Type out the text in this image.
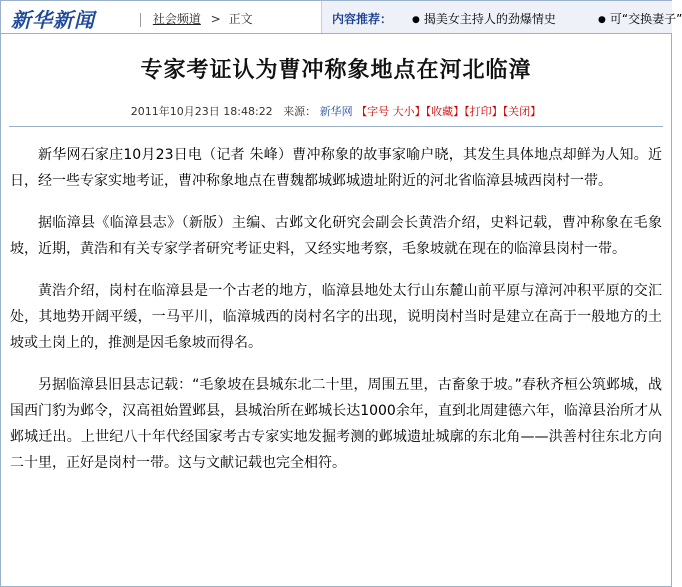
新华新闻	社会频道 > 正文	内容推荐： ● 揭美女主持人的劲爆情史	● 可“交换妻子”
专家考证认为曹冲称象地点在河北临漳
2011年10月23日 18:48:22 来源： 新华网 【字号 大小】【收藏】【打印】【关闭】

新华网石家庄10月23日电（记者 朱峰）曹冲称象的故事家喻户晓，其发生具体地点却鲜为人知。近日，经一些专家实地考证，曹冲称象地点在曹魏都城邺城遗址附近的河北省临漳县城西岗村一带。

据临漳县《临漳县志》（新版）主编、古邺文化研究会副会长黄浩介绍，史料记载，曹冲称象在毛象坡，近期，黄浩和有关专家学者研究考证史料，又经实地考察，毛象坡就在现在的临漳县岗村一带。

黄浩介绍，岗村在临漳县是一个古老的地方，临漳县地处太行山东麓山前平原与漳河冲积平原的交汇处，其地势开阔平缓，一马平川，临漳城西的岗村名字的出现，说明岗村当时是建立在高于一般地方的土坡或土岗上的，推测是因毛象坡而得名。

另据临漳县旧县志记载：“毛象坡在县城东北二十里，周围五里，古畜象于坡。”春秋齐桓公筑邺城，战国西门豹为邺令，汉高祖始置邺县，县城治所在邺城长达1000余年，直到北周建德六年，临漳县治所才从邺城迁出。上世纪八十年代经国家考古专家实地发掘考测的邺城遗址城廓的东北角——洪善村往东北方向二十里，正好是岗村一带。这与文献记载也完全相符。
